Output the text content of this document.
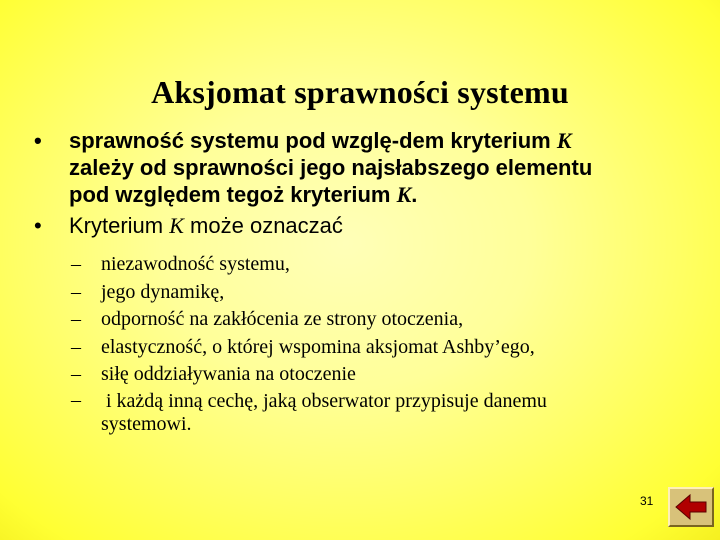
Aksjomat sprawności systemu
• sprawność systemu pod wzglę-dem kryterium K
zależy od sprawności jego najsłabszego elementu
pod względem tegoż kryterium K.
• Kryterium K może oznaczać
– niezawodność systemu,
– jego dynamikę,
– odporność na zakłócenia ze strony otoczenia,
– elastyczność, o której wspomina aksjomat Ashby’ego,
– siłę oddziaływania na otoczenie
– i każdą inną cechę, jaką obserwator przypisuje danemu
systemowi.
31
